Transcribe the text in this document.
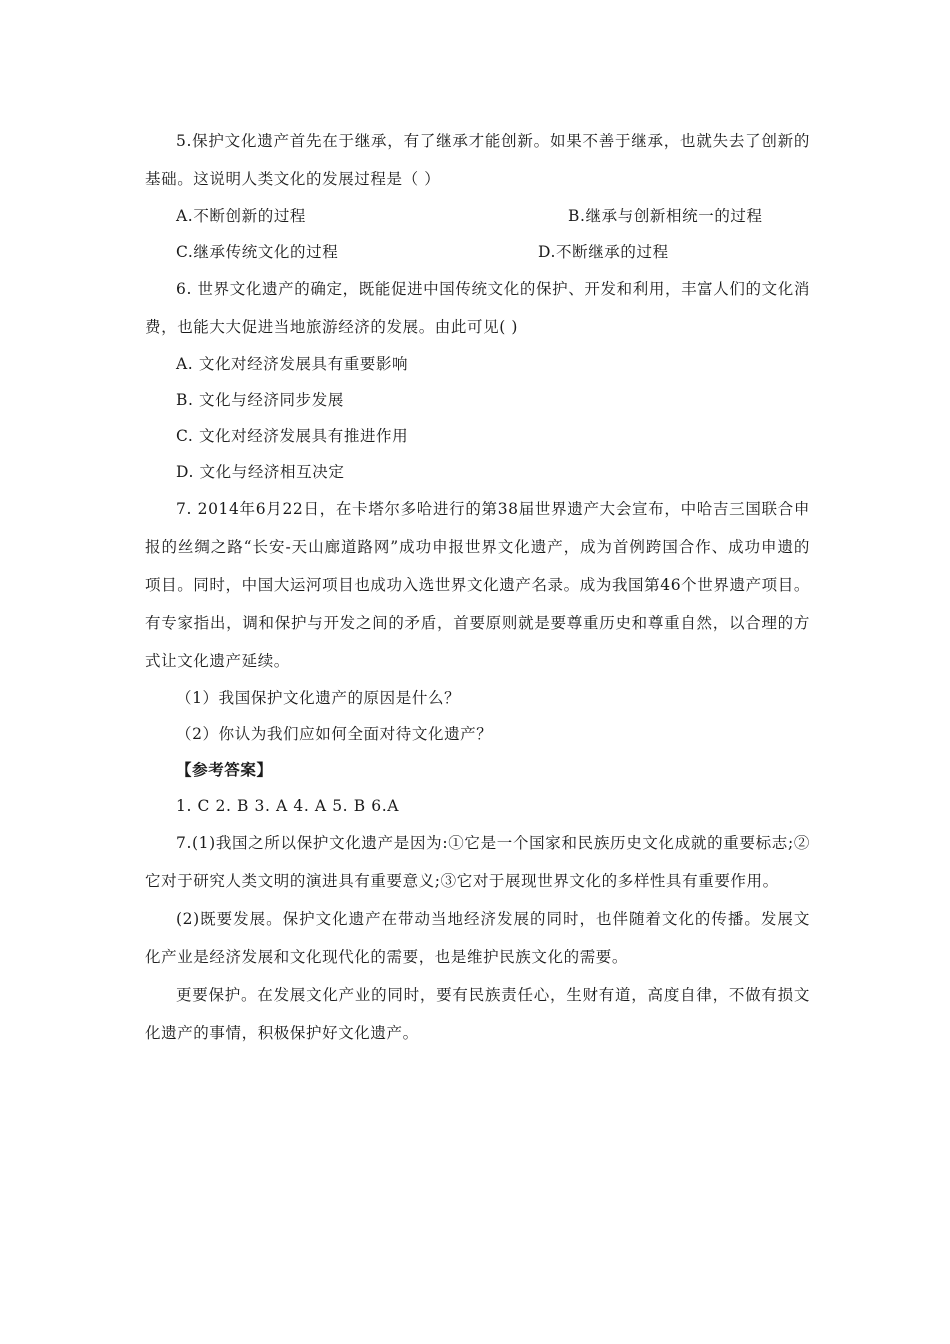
5.保护文化遗产首先在于继承，有了继承才能创新。如果不善于继承，也就失去了创新的基础。这说明人类文化的发展过程是（ ）

A.不断创新的过程	B.继承与创新相统一的过程
C.继承传统文化的过程	D.不断继承的过程

6. 世界文化遗产的确定，既能促进中国传统文化的保护、开发和利用，丰富人们的文化消费，也能大大促进当地旅游经济的发展。由此可见( )

A. 文化对经济发展具有重要影响

B. 文化与经济同步发展

C. 文化对经济发展具有推进作用

D. 文化与经济相互决定

7. 2014年6月22日，在卡塔尔多哈进行的第38届世界遗产大会宣布，中哈吉三国联合申报的丝绸之路“长安-天山廊道路网”成功申报世界文化遗产，成为首例跨国合作、成功申遗的项目。同时，中国大运河项目也成功入选世界文化遗产名录。成为我国第46个世界遗产项目。有专家指出，调和保护与开发之间的矛盾，首要原则就是要尊重历史和尊重自然，以合理的方式让文化遗产延续。

（1）我国保护文化遗产的原因是什么？

（2）你认为我们应如何全面对待文化遗产？

【参考答案】

1. C 2. B 3. A 4. A 5. B 6.A

7.(1)我国之所以保护文化遗产是因为:①它是一个国家和民族历史文化成就的重要标志;②它对于研究人类文明的演进具有重要意义;③它对于展现世界文化的多样性具有重要作用。

(2)既要发展。保护文化遗产在带动当地经济发展的同时，也伴随着文化的传播。发展文化产业是经济发展和文化现代化的需要，也是维护民族文化的需要。

更要保护。在发展文化产业的同时，要有民族责任心，生财有道，高度自律，不做有损文化遗产的事情，积极保护好文化遗产。
